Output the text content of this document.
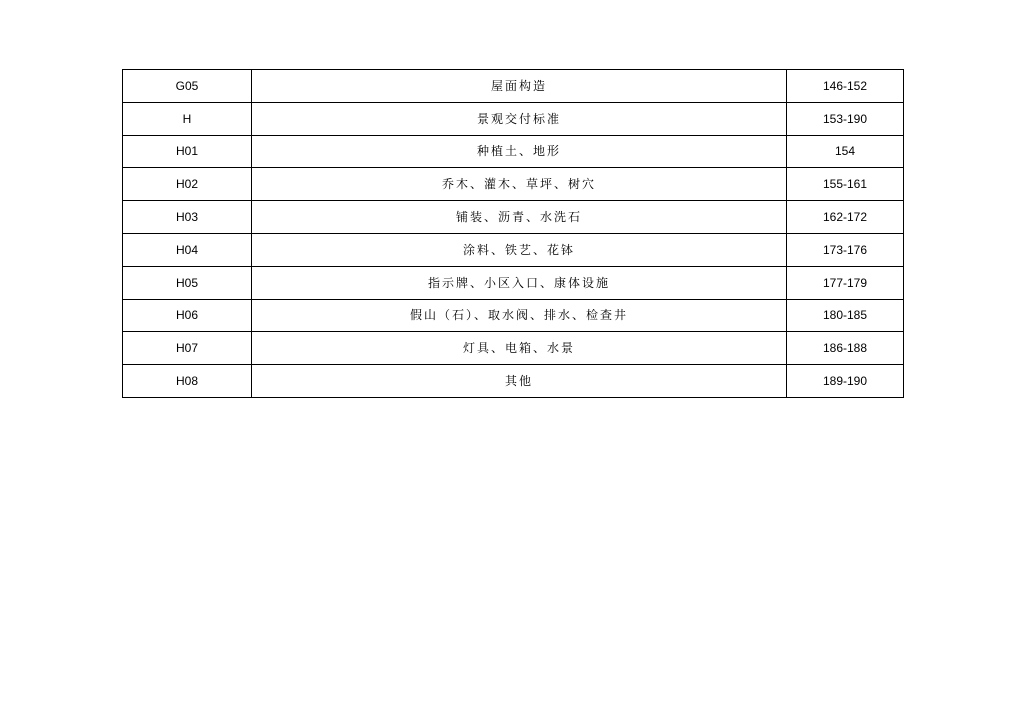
G05	屋面构造	146-152
H	景观交付标准	153-190
H01	种植土、地形	154
H02	乔木、灌木、草坪、树穴	155-161
H03	铺装、沥青、水洗石	162-172
H04	涂料、铁艺、花钵	173-176
H05	指示牌、小区入口、康体设施	177-179
H06	假山（石）、取水阀、排水、检查井	180-185
H07	灯具、电箱、水景	186-188
H08	其他	189-190
